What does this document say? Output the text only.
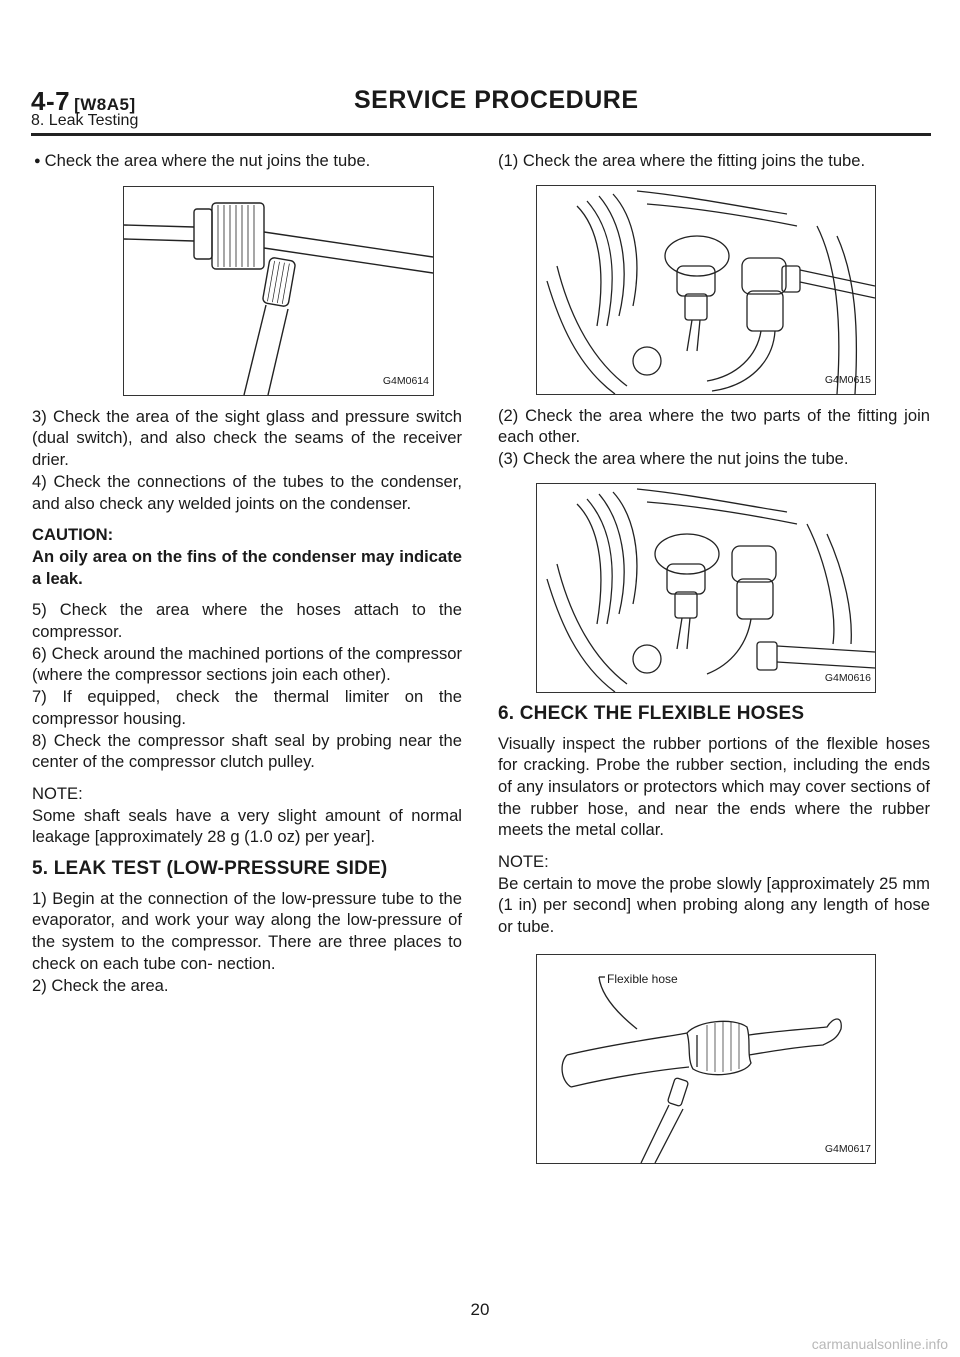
4-7 [W8A5]	SERVICE PROCEDURE
8. Leak Testing

● Check the area where the nut joins the tube.

G4M0614

3) Check the area of the sight glass and pressure switch (dual switch), and also check the seams of the receiver drier.

4) Check the connections of the tubes to the condenser, and also check any welded joints on the condenser.

CAUTION:

An oily area on the fins of the condenser may indicate a leak.

5) Check the area where the hoses attach to the compressor.

6) Check around the machined portions of the compressor (where the compressor sections join each other).

7) If equipped, check the thermal limiter on the compressor housing.

8) Check the compressor shaft seal by probing near the center of the compressor clutch pulley.

NOTE:

Some shaft seals have a very slight amount of normal leakage [approximately 28 g (1.0 oz) per year].

5. LEAK TEST (LOW-PRESSURE SIDE)

1) Begin at the connection of the low-pressure tube to the evaporator, and work your way along the low-pressure of the system to the compressor. There are three places to check on each tube con- nection.

2) Check the area.

(1) Check the area where the fitting joins the tube.

G4M0615

(2) Check the area where the two parts of the fitting join each other.

(3) Check the area where the nut joins the tube.

G4M0616
6. CHECK THE FLEXIBLE HOSES

Visually inspect the rubber portions of the flexible hoses for cracking. Probe the rubber section, including the ends of any insulators or protectors which may cover sections of the rubber hose, and near the ends where the rubber meets the metal collar.

NOTE:

Be certain to move the probe slowly [approximately 25 mm (1 in) per second] when probing along any length of hose or tube.

Flexible hose
G4M0617
20
carmanualsonline.info
